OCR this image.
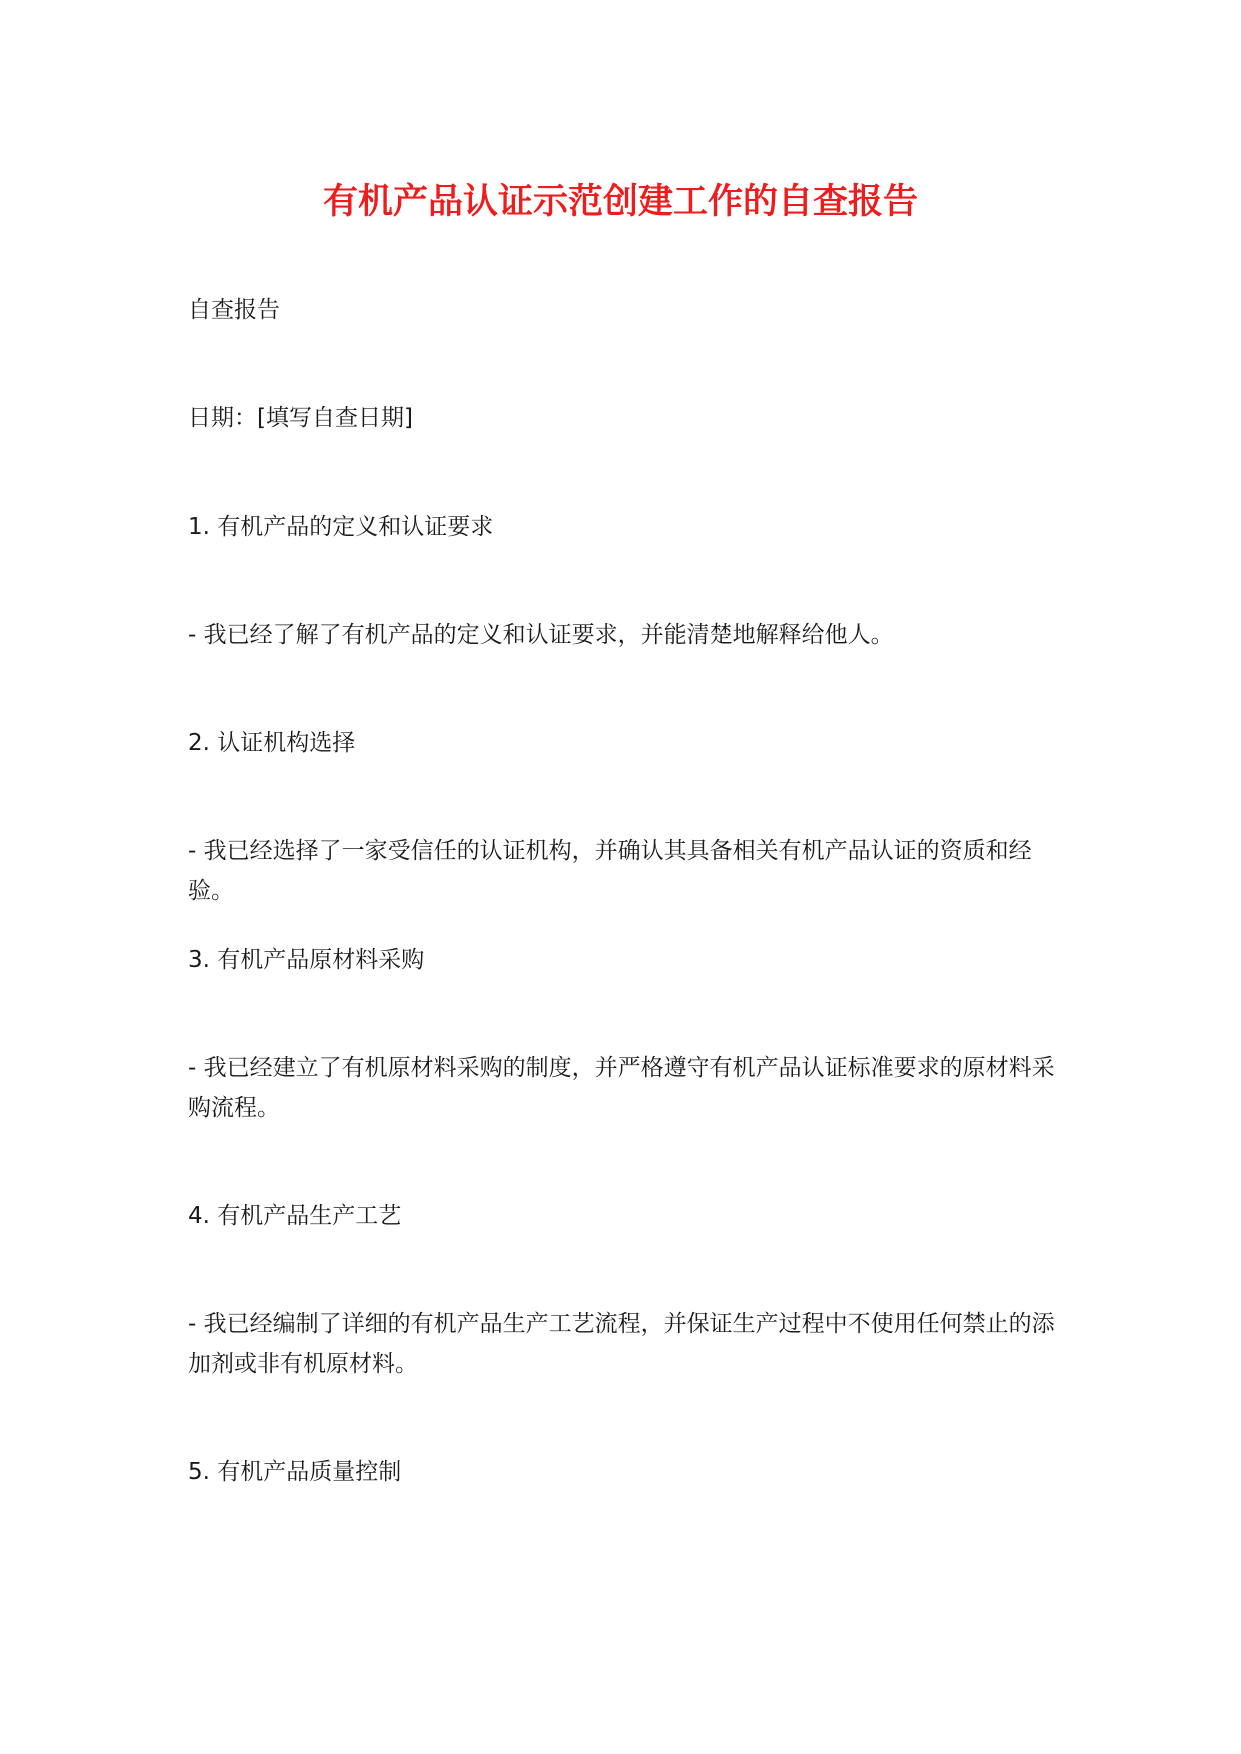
有机产品认证示范创建工作的自查报告

自查报告

日期：[填写自查日期]

1. 有机产品的定义和认证要求

- 我已经了解了有机产品的定义和认证要求，并能清楚地解释给他人。

2. 认证机构选择

- 我已经选择了一家受信任的认证机构，并确认其具备相关有机产品认证的资质和经验。

3. 有机产品原材料采购

- 我已经建立了有机原材料采购的制度，并严格遵守有机产品认证标准要求的原材料采

购流程。

4. 有机产品生产工艺

- 我已经编制了详细的有机产品生产工艺流程，并保证生产过程中不使用任何禁止的添

加剂或非有机原材料。

5. 有机产品质量控制
